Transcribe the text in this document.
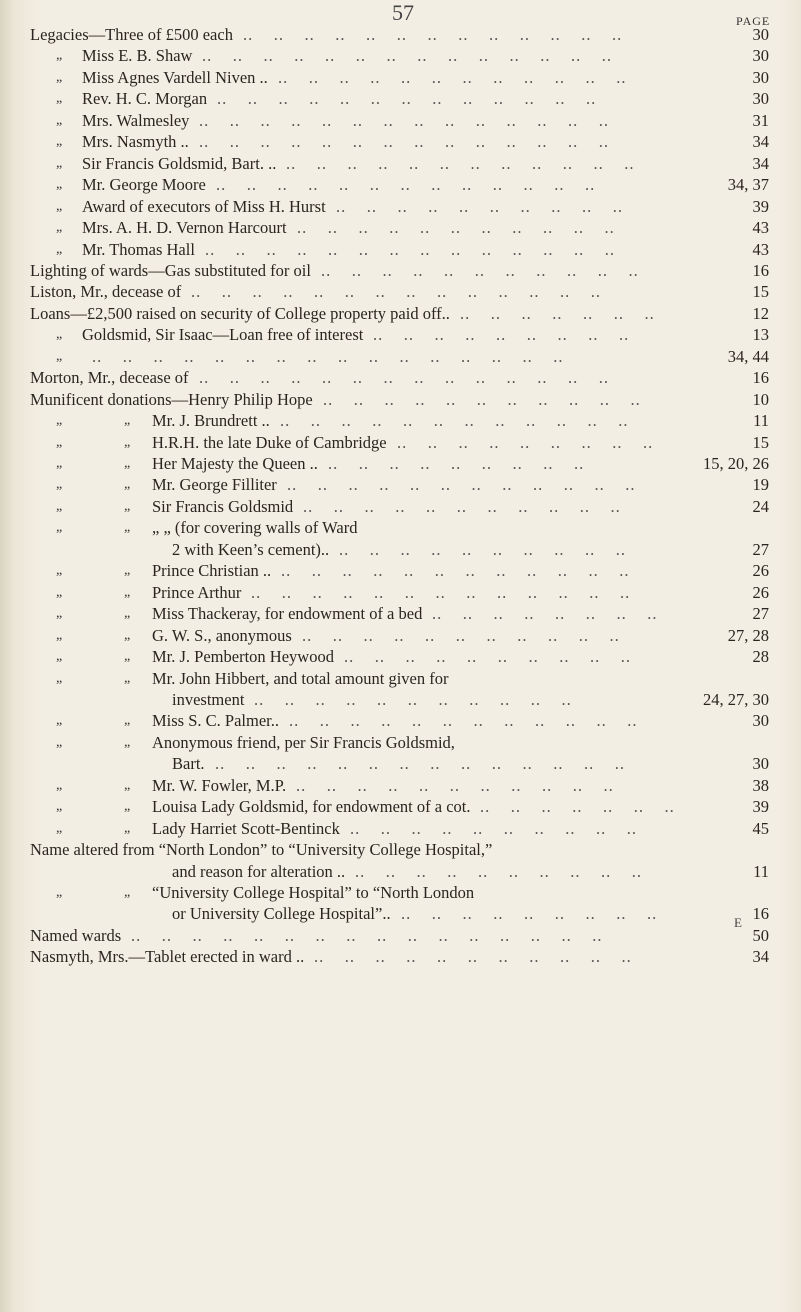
57	PAGE
Legacies—Three of £500 each	30
..    ..    ..    ..    ..    ..    ..    ..    ..    ..    ..    ..    ..
„ Miss E. B. Shaw	30
..    ..    ..    ..    ..    ..    ..    ..    ..    ..    ..    ..    ..    ..
„ Miss Agnes Vardell Niven ..	30
..    ..    ..    ..    ..    ..    ..    ..    ..    ..    ..    ..
„ Rev. H. C. Morgan	30
..    ..    ..    ..    ..    ..    ..    ..    ..    ..    ..    ..    ..
„ Mrs. Walmesley	31
..    ..    ..    ..    ..    ..    ..    ..    ..    ..    ..    ..    ..    ..
„ Mrs. Nasmyth ..	34
..    ..    ..    ..    ..    ..    ..    ..    ..    ..    ..    ..    ..    ..
„ Sir Francis Goldsmid, Bart. ..	34
..    ..    ..    ..    ..    ..    ..    ..    ..    ..    ..    ..
„ Mr. George Moore	34, 37
..    ..    ..    ..    ..    ..    ..    ..    ..    ..    ..    ..    ..
„ Award of executors of Miss H. Hurst	39
..    ..    ..    ..    ..    ..    ..    ..    ..    ..
„ Mrs. A. H. D. Vernon Harcourt	43
..    ..    ..    ..    ..    ..    ..    ..    ..    ..    ..
„ Mr. Thomas Hall	43
..    ..    ..    ..    ..    ..    ..    ..    ..    ..    ..    ..    ..    ..
Lighting of wards—Gas substituted for oil	16
..    ..    ..    ..    ..    ..    ..    ..    ..    ..    ..
Liston, Mr., decease of	15
..    ..    ..    ..    ..    ..    ..    ..    ..    ..    ..    ..    ..    ..
Loans—£2,500 raised on security of College property paid off..	12
..    ..    ..    ..    ..    ..    ..
„ Goldsmid, Sir Isaac—Loan free of interest	13
..    ..    ..    ..    ..    ..    ..    ..    ..
„	34, 44
..    ..    ..    ..    ..    ..    ..    ..    ..    ..    ..    ..    ..    ..    ..    ..
Morton, Mr., decease of	16
..    ..    ..    ..    ..    ..    ..    ..    ..    ..    ..    ..    ..    ..
Munificent donations—Henry Philip Hope	10
..    ..    ..    ..    ..    ..    ..    ..    ..    ..    ..
„	„ Mr. J. Brundrett ..	11
..    ..    ..    ..    ..    ..    ..    ..    ..    ..    ..    ..
„	„ H.R.H. the late Duke of Cambridge	15
..    ..    ..    ..    ..    ..    ..    ..    ..
„	„ Her Majesty the Queen ..	15, 20, 26
..    ..    ..    ..    ..    ..    ..    ..    ..
„	„ Mr. George Filliter	19
..    ..    ..    ..    ..    ..    ..    ..    ..    ..    ..    ..
„	„ Sir Francis Goldsmid	24
..    ..    ..    ..    ..    ..    ..    ..    ..    ..    ..
„	„ „ „ (for covering walls of Ward
2 with Keen’s cement)..	27
..    ..    ..    ..    ..    ..    ..    ..    ..    ..
„	„ Prince Christian ..	26
..    ..    ..    ..    ..    ..    ..    ..    ..    ..    ..    ..
„	„ Prince Arthur	26
..    ..    ..    ..    ..    ..    ..    ..    ..    ..    ..    ..    ..
„	„ Miss Thackeray, for endowment of a bed	27
..    ..    ..    ..    ..    ..    ..    ..
„	„ G. W. S., anonymous	27, 28
..    ..    ..    ..    ..    ..    ..    ..    ..    ..    ..
„	„ Mr. J. Pemberton Heywood	28
..    ..    ..    ..    ..    ..    ..    ..    ..    ..
„	„ Mr. John Hibbert, and total amount given for
investment	24, 27, 30
..    ..    ..    ..    ..    ..    ..    ..    ..    ..    ..
„	„ Miss S. C. Palmer..	30
..    ..    ..    ..    ..    ..    ..    ..    ..    ..    ..    ..
„	„ Anonymous friend, per Sir Francis Goldsmid,
Bart.	30
..    ..    ..    ..    ..    ..    ..    ..    ..    ..    ..    ..    ..    ..
„	„ Mr. W. Fowler, M.P.	38
..    ..    ..    ..    ..    ..    ..    ..    ..    ..    ..
„	„ Louisa Lady Goldsmid, for endowment of a cot.	39
..    ..    ..    ..    ..    ..    ..
„	„ Lady Harriet Scott-Bentinck	45
..    ..    ..    ..    ..    ..    ..    ..    ..    ..
Name altered from “North London” to “University College Hospital,”
and reason for alteration ..	11
..    ..    ..    ..    ..    ..    ..    ..    ..    ..
„	„ “University College Hospital” to “North London
or University College Hospital”..	16
..    ..    ..    ..    ..    ..    ..    ..    ..
Named wards	50
..    ..    ..    ..    ..    ..    ..    ..    ..    ..    ..    ..    ..    ..    ..    ..
Nasmyth, Mrs.—Tablet erected in ward ..	34
..    ..    ..    ..    ..    ..    ..    ..    ..    ..    ..
E
